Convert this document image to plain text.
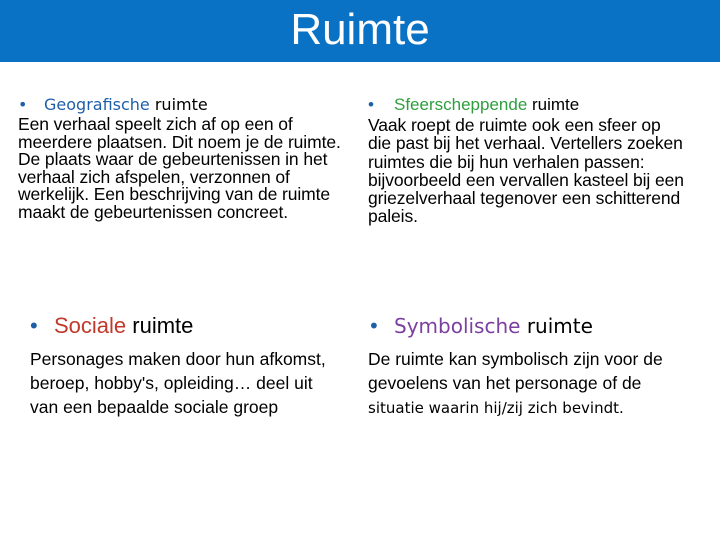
Ruimte
• Geografische ruimte

Een verhaal speelt zich af op een of meerdere plaatsen. Dit noem je de ruimte. De plaats waar de gebeurtenissen in het verhaal zich afspelen, verzonnen of werkelijk. Een beschrijving van de ruimte maakt de gebeurtenissen concreet.

• Sfeerscheppende ruimte

Vaak roept de ruimte ook een sfeer op die past bij het verhaal. Vertellers zoeken ruimtes die bij hun verhalen passen: bijvoorbeeld een vervallen kasteel bij een griezelverhaal tegenover een schitterend paleis.

• Sociale ruimte

Personages maken door hun afkomst, beroep, hobby's, opleiding… deel uit van een bepaalde sociale groep

• Symbolische ruimte

De ruimte kan symbolisch zijn voor de gevoelens van het personage of de situatie waarin hij/zij zich bevindt.
